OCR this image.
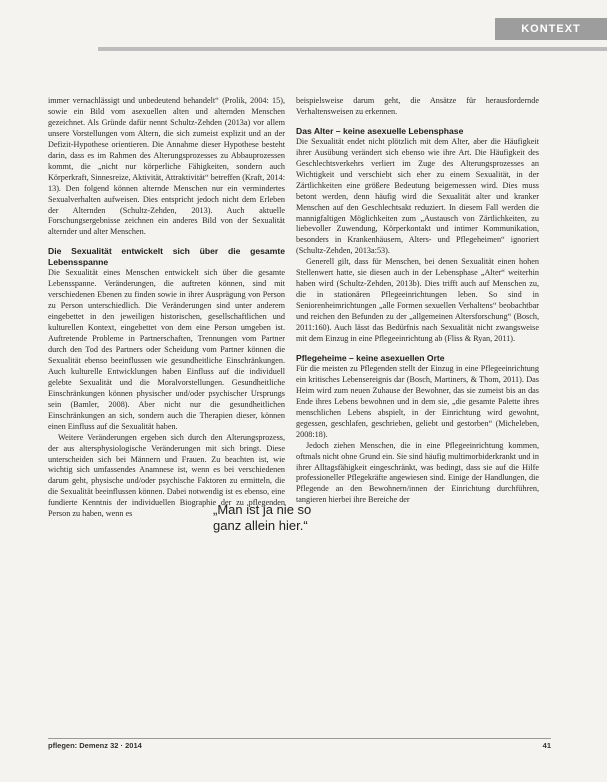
KONTEXT

immer vernachlässigt und unbedeutend behandelt“ (Prolik, 2004: 15), sowie ein Bild vom asexuellen alten und alternden Menschen gezeichnet. Als Gründe dafür nennt Schultz-Zehden (2013a) vor allem unsere Vorstellungen vom Altern, die sich zumeist explizit und an der Defizit-Hypothese orientieren. Die Annahme dieser Hypothese besteht darin, dass es im Rahmen des Alterungsprozesses zu Abbauprozessen kommt, die „nicht nur körperliche Fähigkeiten, sondern auch Körperkraft, Sinnesreize, Aktivität, Attraktivität“ betreffen (Kraft, 2014: 13). Den folgend können alternde Menschen nur ein vermindertes Sexualverhalten aufweisen. Dies entspricht jedoch nicht dem Erleben der Alternden (Schultz-Zehden, 2013). Auch aktuelle Forschungsergebnisse zeichnen ein anderes Bild von der Sexualität alternder und alter Menschen.

Die Sexualität entwickelt sich über die gesamte Lebensspanne

Die Sexualität eines Menschen entwickelt sich über die gesamte Lebensspanne. Veränderungen, die auftreten können, sind mit verschiedenen Ebenen zu finden sowie in ihrer Ausprägung von Person zu Person unterschiedlich. Die Veränderungen sind unter anderem eingebettet in den jeweiligen historischen, gesellschaftlichen und kulturellen Kontext, eingebettet von dem eine Person umgeben ist. Auftretende Probleme in Partnerschaften, Trennungen vom Partner durch den Tod des Partners oder Scheidung vom Partner können die Sexualität ebenso beeinflussen wie gesundheitliche Einschränkungen. Auch kulturelle Entwicklungen haben Einfluss auf die individuell gelebte Sexualität und die Moralvorstellungen. Gesundheitliche Einschränkungen können physischer und/oder psychischer Ursprungs sein (Bamler, 2008). Aber nicht nur die gesundheitlichen Einschränkungen an sich, sondern auch die Therapien dieser, können einen Einfluss auf die Sexualität haben.

Weitere Veränderungen ergeben sich durch den Alterungsprozess, der aus altersphysiologische Veränderungen mit sich bringt. Diese unterscheiden sich bei Männern und Frauen. Zu beachten ist, wie wichtig sich umfassendes Anamnese ist, wenn es bei verschiedenen darum geht, physische und/oder psychische Faktoren zu ermitteln, die die Sexualität beeinflussen können. Dabei notwendig ist es ebenso, eine fundierte Kenntnis der individuellen Biographie der zu pflegenden Person zu haben, wenn es

beispielsweise darum geht, die Ansätze für herausfordernde Verhaltensweisen zu erkennen.

Das Alter – keine asexuelle Lebensphase

Die Sexualität endet nicht plötzlich mit dem Alter, aber die Häufigkeit ihrer Ausübung verändert sich ebenso wie ihre Art. Die Häufigkeit des Geschlechtsverkehrs verliert im Zuge des Alterungsprozesses an Wichtigkeit und verschiebt sich eher zu einem Sexualität, in der Zärtlichkeiten eine größere Bedeutung beigemessen wird. Dies muss betont werden, denn häufig wird die Sexualität alter und kranker Menschen auf den Geschlechtsakt reduziert. In diesem Fall werden die mannigfaltigen Möglichkeiten zum „Austausch von Zärtlichkeiten, zu liebevoller Zuwendung, Körperkontakt und intimer Kommunikation, besonders in Krankenhäusern, Alters- und Pflegeheimen“ ignoriert (Schultz-Zehden, 2013a:53).

Generell gilt, dass für Menschen, bei denen Sexualität einen hohen Stellenwert hatte, sie diesen auch in der Lebensphase „Alter“ weiterhin haben wird (Schultz-Zehden, 2013b). Dies trifft auch auf Menschen zu, die in stationären Pflegeeinrichtungen leben. So sind in Seniorenheimrichtungen „alle Formen sexuellen Verhaltens“ beobachtbar und reichen den Befunden zu der „allgemeinen Altersforschung“ (Bosch, 2011:160). Auch lässt das Bedürfnis nach Sexualität nicht zwangsweise mit dem Einzug in eine Pflegeeinrichtung ab (Fliss & Ryan, 2011).

Pflegeheime – keine asexuellen Orte

Für die meisten zu Pflegenden stellt der Einzug in eine Pflegeeinrichtung ein kritisches Lebensereignis dar (Bosch, Martiners, & Thom, 2011). Das Heim wird zum neuen Zuhause der Bewohner, das sie zumeist bis an das Ende ihres Lebens bewohnen und in dem sie, „die gesamte Palette ihres menschlichen Lebens abspielt, in der Einrichtung wird gewohnt, gegessen, geschlafen, geschrieben, geliebt und gestorben“ (Micheleben, 2008:18).

Jedoch ziehen Menschen, die in eine Pflegeeinrichtung kommen, oftmals nicht ohne Grund ein. Sie sind häufig multimorbiderkrankt und in ihrer Alltagsfähigkeit eingeschränkt, was bedingt, dass sie auf die Hilfe professioneller Pflegekräfte angewiesen sind. Einige der Handlungen, die Pflegende an den Bewohnern/innen der Einrichtung durchführen, tangieren hierbei ihre Bereiche der

„Man ist ja nie so ganz allein hier.“
pflegen: Demenz 32 · 2014	41
